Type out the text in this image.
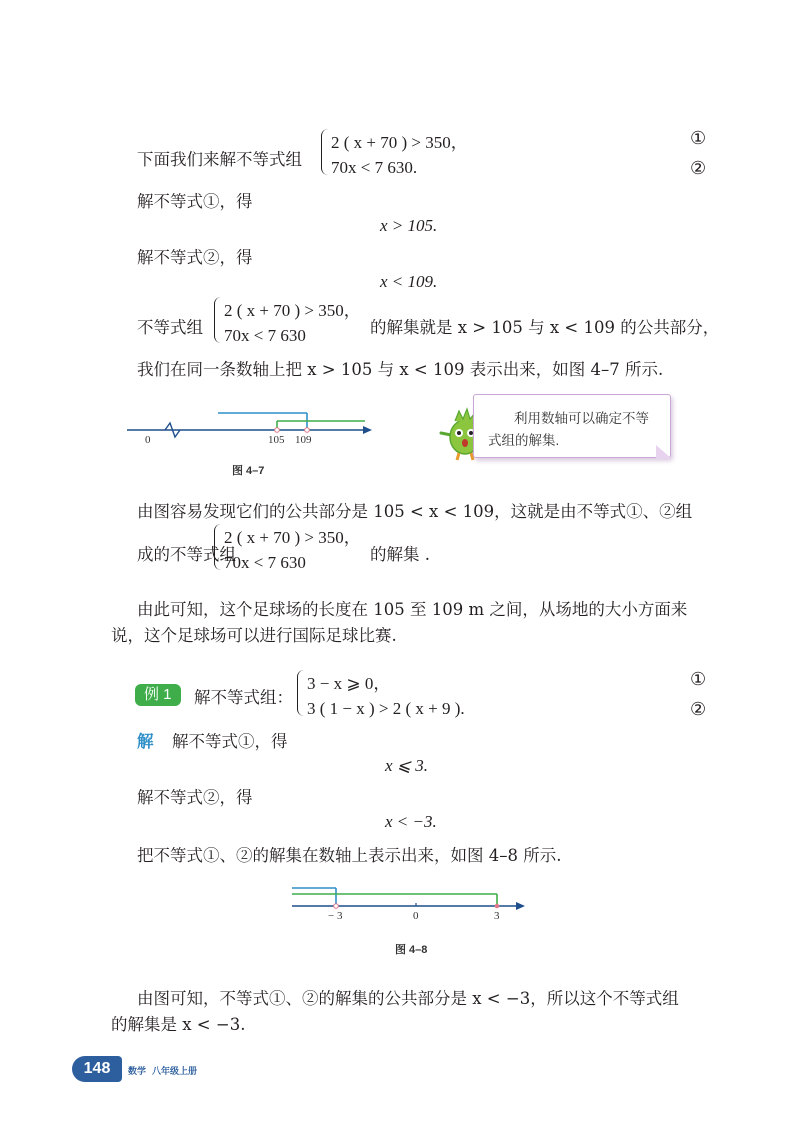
下面我们来解不等式组
2 ( x + 70 ) > 350，
70x < 7 630.
①
②
解不等式①，得
x > 105.
解不等式②，得
x < 109.
不等式组
2 ( x + 70 ) > 350，
70x < 7 630	的解集就是 x > 105 与 x < 109 的公共部分，
我们在同一条数轴上把 x > 105 与 x < 109 表示出来，如图 4–7 所示.
0	105 109
图 4–7
利用数轴可以确定不等
式组的解集.
由图容易发现它们的公共部分是 105 < x < 109，这就是由不等式①、②组
成的不等式组
2 ( x + 70 ) > 350，
70x < 7 630	的解集 .
由此可知，这个足球场的长度在 105 至 109 m 之间，从场地的大小方面来
说，这个足球场可以进行国际足球比赛.
例 1	解不等式组：
3 − x ⩾ 0，
3 ( 1 − x ) > 2 ( x + 9 ).
①
②
解 解不等式①，得
x ⩽ 3.
解不等式②，得
x < −3.
把不等式①、②的解集在数轴上表示出来，如图 4–8 所示.
− 3	0	3
图 4–8
由图可知，不等式①、②的解集的公共部分是 x < −3，所以这个不等式组
的解集是 x < −3.
148	数学 八年级上册
